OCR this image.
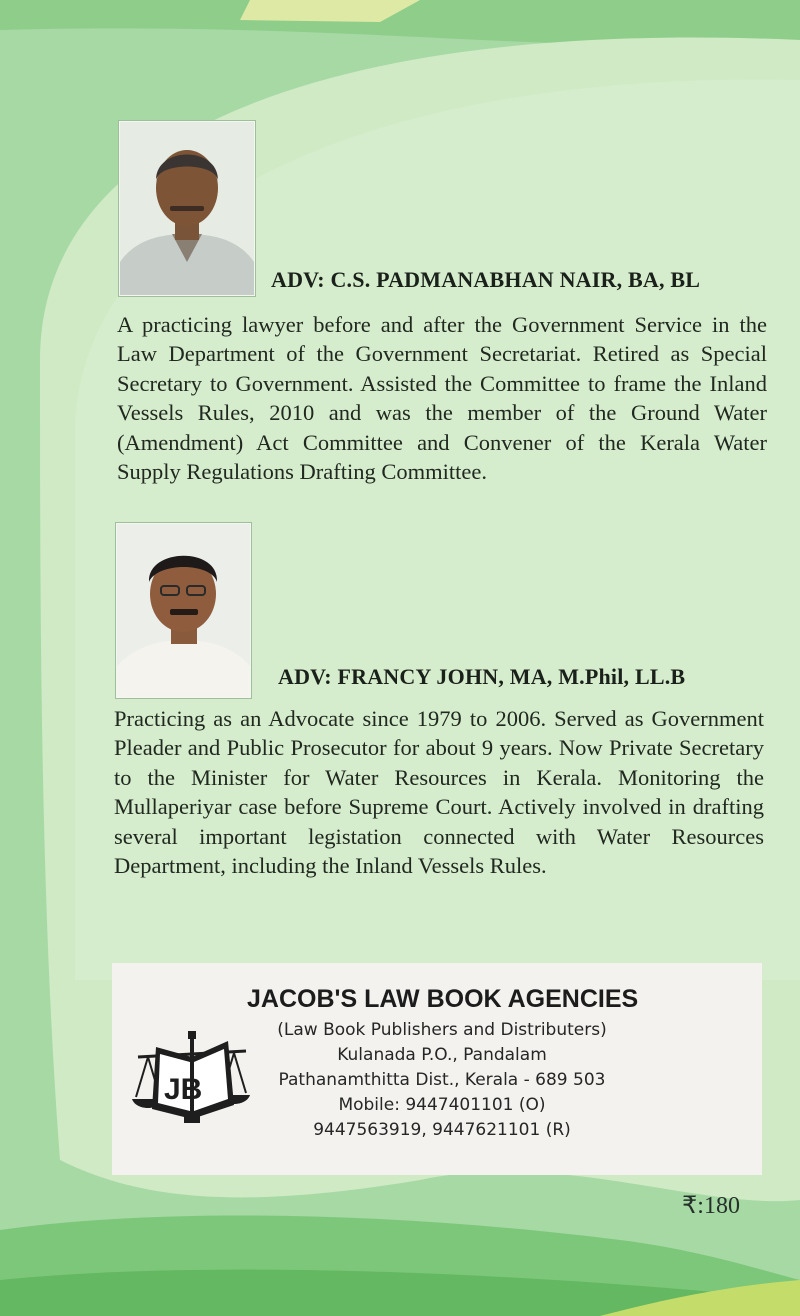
ADV: C.S. PADMANABHAN NAIR, BA, BL

A practicing lawyer before and after the Government Service in the Law Department of the Government Secretariat. Retired as Special Secretary to Government. Assisted the Committee to frame the Inland Vessels Rules, 2010 and was the member of the Ground Water (Amendment) Act Committee and Convener of the Kerala Water Supply Regulations Drafting Committee.

ADV: FRANCY JOHN, MA, M.Phil, LL.B

Practicing as an Advocate since 1979 to 2006. Served as Government Pleader and Public Prosecutor for about 9 years. Now Private Secretary to the Minister for Water Resources in Kerala. Monitoring the Mullaperiyar case before Supreme Court. Actively involved in drafting several important legistation connected with Water Resources Department, including the Inland Vessels Rules.

JACOB'S LAW BOOK AGENCIES
(Law Book Publishers and Distributers)
Kulanada P.O., Pandalam
Pathanamthitta Dist., Kerala - 689 503
Mobile: 9447401101 (O)
9447563919, 9447621101 (R)
JB
₹:180
